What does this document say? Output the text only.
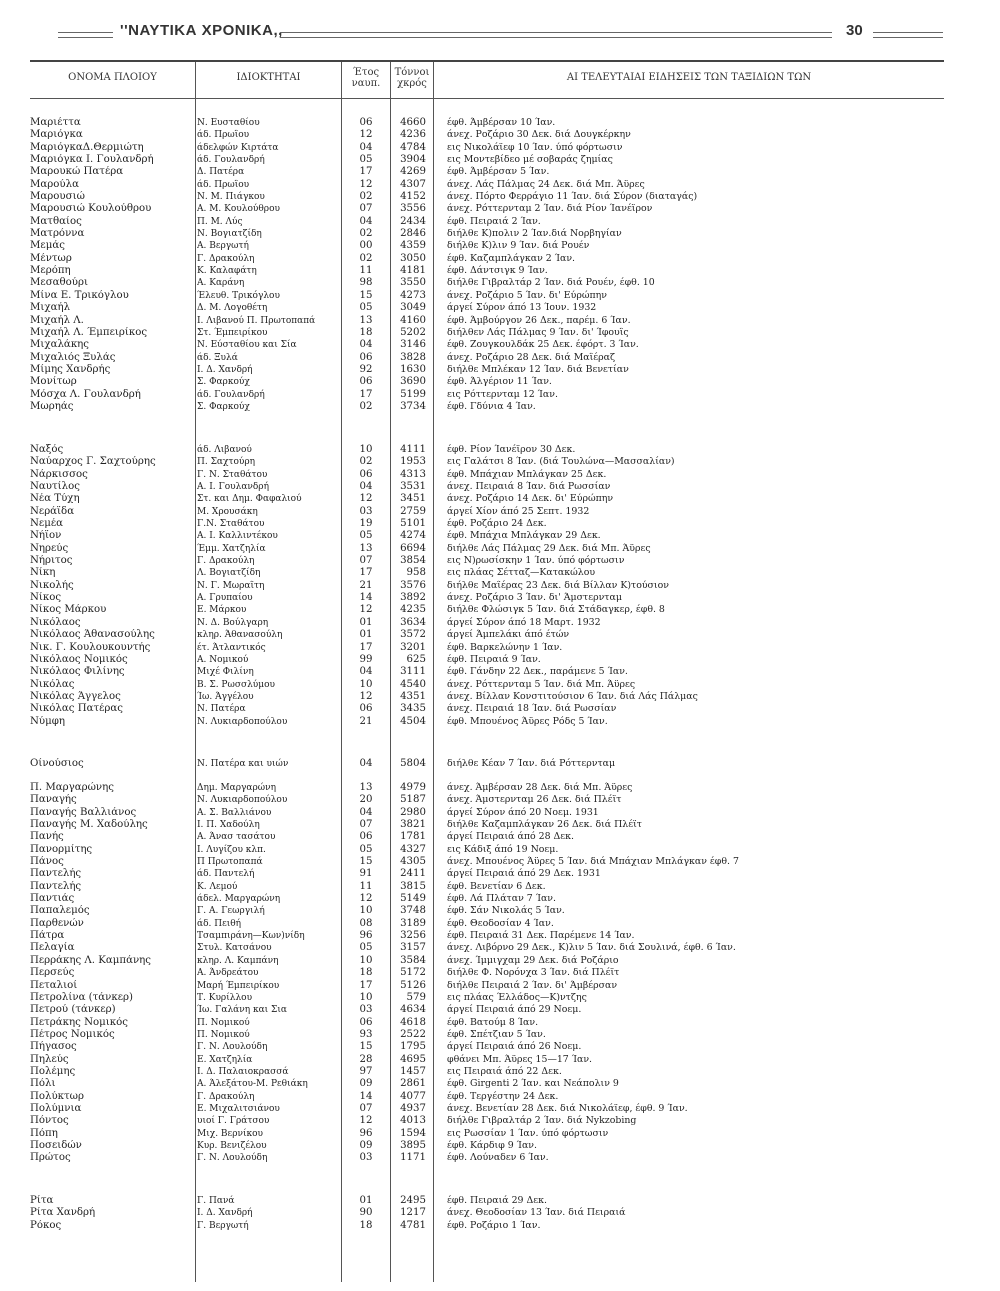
''ΝΑΥΤΙΚΑ ΧΡΟΝΙΚΑ,,	30
ΟΝΟΜΑ ΠΛΟΙΟΥ	ΙΔΙΟΚΤΗΤΑΙ	Έτος
ναυπ.
Τόννοι
χκρός
ΑΙ ΤΕΛΕΥΤΑΙΑΙ ΕΙΔΗΣΕΙΣ ΤΩΝ ΤΑΞΙΔΙΩΝ ΤΩΝ
Μαριέττα	Ν. Ευσταθίου	06	4660 έφθ. Άμβέρσαν 10 Ίαν.
Μαριόγκα	άδ. Πρωΐου	12	4236 άνεχ. Ροζάριο 30 Δεκ. διά Δουγκέρκην
ΜαριόγκαΔ.Θερμιώτη	άδελφών Κιρτάτα	04	4784 εις Νικολάϊεφ 10 Ίαν. ύπό φόρτωσιν
Μαριόγκα Ι. Γουλανδρή	άδ. Γουλανδρή	05	3904 εις Μοντεβίδεο μέ σοβαράς ζημίας
Μαρουκώ Πατέρα	Δ. Πατέρα	17	4269 έφθ. Άμβέρσαν 5 Ίαν.
Μαρούλα	άδ. Πρωΐου	12	4307 άνεχ. Λάς Πάλμας 24 Δεκ. διά Μπ. Άϋρες
Μαρουσιώ	Ν. Μ. Πιάγκου	02	4152 άνεχ. Πόρτο Φερράγιο 11 Ίαν. διά Σύρον (διαταγάς)
Μαρουσιώ Κουλούθρου	Α. Μ. Κουλούθρου	07	3556 άνεχ. Ρόττερνταμ 2 Ίαν. διά Ρίον Ίανέϊρον
Ματθαίος	Π. Μ. Λύς	04	2434 έφθ. Πειραιά 2 Ίαν.
Ματρόννα	Ν. Βογιατζίδη	02	2846 διήλθε Κ)πολιν 2 Ίαν.διά Νορβηγίαν
Μεμάς	Α. Βεργωτή	00	4359 διήλθε Κ)λιν 9 Ίαν. διά Ρουέν
Μέντωρ	Γ. Δρακούλη	02	3050 έφθ. Καζαμπλάγκαν 2 Ίαν.
Μερόπη	Κ. Καλαφάτη	11	4181 έφθ. Δάντσιγκ 9 Ίαν.
Μεσαθούρι	Α. Καράνη	98	3550 διήλθε Γιβραλτάρ 2 Ίαν. διά Ρουέν, έφθ. 10
Μίνα Ε. Τρικόγλου	Έλευθ. Τρικόγλου	15	4273 άνεχ. Ροζάριο 5 Ίαν. δι' Εύρώπην
Μιχαήλ	Δ. Μ. Λογοθέτη	05	3049 άργεί Σύρον άπό 13 Ίουν. 1932
Μιχαήλ Λ.	Ι. Λιβανού Π. Πρωτοπαπά	13	4160 έφθ. Άμβούργον 26 Δεκ., παρέμ. 6 Ίαν.
Μιχαήλ Λ. Έμπειρίκος	Στ. Έμπειρίκου	18	5202 διήλθεν Λάς Πάλμας 9 Ίαν. δι' Ίφουΐς
Μιχαλάκης	Ν. Εύσταθίου και Σία	04	3146 έφθ. Ζουγκουλδάκ 25 Δεκ. έφόρτ. 3 Ίαν.
Μιχαλιός Ξυλάς	άδ. Ξυλά	06	3828 άνεχ. Ροζάριο 28 Δεκ. διά Μαΐέραζ
Μίμης Χανδρής	Ι. Δ. Χανδρή	92	1630 διήλθε Μπλέκαν 12 Ίαν. διά Βενετίαν
Μονίτωρ	Σ. Φαρκούχ	06	3690 έφθ. Άλγέριον 11 Ίαν.
Μόσχα Λ. Γουλανδρή	άδ. Γουλανδρή	17	5199 εις Ρόττερνταμ 12 Ίαν.
Μωρηάς	Σ. Φαρκούχ	02	3734 έφθ. Γδύνια 4 Ίαν.
Ναξός	άδ. Λιβανού	10	4111 έφθ. Ρίον Ίανέϊρον 30 Δεκ.
Ναύαρχος Γ. Σαχτούρης	Π. Σαχτούρη	02	1953 εις Γαλάτσι 8 Ίαν. (διά Τουλώνα—Μασσαλίαν)
Νάρκισσος	Γ. Ν. Σταθάτου	06	4313 έφθ. Μπάχιαν Μπλάγκαν 25 Δεκ.
Ναυτίλος	Α. Ι. Γουλανδρή	04	3531 άνεχ. Πειραιά 8 Ίαν. διά Ρωσσίαν
Νέα Τύχη	Στ. και Δημ. Φαφαλιού	12	3451 άνεχ. Ροζάριο 14 Δεκ. δι' Εύρώπην
Νεράϊδα	Μ. Χρουσάκη	03	2759 άργεί Χίον άπό 25 Σεπτ. 1932
Νεμέα	Γ.Ν. Σταθάτου	19	5101 έφθ. Ροζάριο 24 Δεκ.
Νήϊον	Α. Ι. Καλλιντέκου	05	4274 έφθ. Μπάχια Μπλάγκαν 29 Δεκ.
Νηρεύς	Έμμ. Χατζηλία	13	6694 διήλθε Λάς Πάλμας 29 Δεκ. διά Μπ. Άϋρες
Νήριτος	Γ. Δρακούλη	07	3854 εις Ν)ρωσίσκην 1 Ίαν. ύπό φόρτωσιν
Νίκη	Λ. Βογιατζίδη	17	958 εις πλάας Σέτταζ—Κατακώλου
Νικολής	Ν. Γ. Μωραΐτη	21	3576 διήλθε Μαΐέρας 23 Δεκ. διά Βίλλαν Κ)τούσιον
Νίκος	Α. Γρυπαίου	14	3892 άνεχ. Ροζάριο 3 Ίαν. δι' Άμστερνταμ
Νίκος Μάρκου	Ε. Μάρκου	12	4235 διήλθε Φλώσιγκ 5 Ίαν. διά Στάδαγκερ, έφθ. 8
Νικόλαος	Ν. Δ. Βούλγαρη	01	3634 άργεί Σύρον άπό 18 Μαρτ. 1932
Νικόλαος Άθανασούλης	κληρ. Άθανασούλη	01	3572 άργεί Άμπελάκι άπό έτών
Νικ. Γ. Κουλουκουντής	έτ. Άτλαντικός	17	3201 έφθ. Βαρκελώνην 1 Ίαν.
Νικόλαος Νομικός	Α. Νομικού	99	625 έφθ. Πειραιά 9 Ίαν.
Νικόλαος Φιλίνης	Μιχέ Φιλίνη	04	3111 έφθ. Γάνδην 22 Δεκ., παράμενε 5 Ίαν.
Νικόλας	Β. Σ. Ρωσσλύμου	10	4540 άνεχ. Ρόττερνταμ 5 Ίαν. διά Μπ. Άϋρες
Νικόλας Άγγελος	Ίω. Άγγέλου	12	4351 άνεχ. Βίλλαν Κονστιτούσιον 6 Ίαν. διά Λάς Πάλμας
Νικόλας Πατέρας	Ν. Πατέρα	06	3435 άνεχ. Πειραιά 18 Ίαν. διά Ρωσσίαν
Νύμφη	Ν. Λυκιαρδοπούλου	21	4504 έφθ. Μπουένος Άϋρες Ρόδς 5 Ίαν.
Οίνούσιος	Ν. Πατέρα και υιών	04	5804 διήλθε Κέαν 7 Ίαν. διά Ρόττερνταμ
Π. Μαργαρώνης	Δημ. Μαργαρώνη	13	4979 άνεχ. Άμβέρσαν 28 Δεκ. διά Μπ. Άϋρες
Παναγής	Ν. Λυκιαρδοπούλου	20	5187 άνεχ. Άμστερνταμ 26 Δεκ. διά Πλέϊτ
Παναγής Βαλλιάνος	Α. Σ. Βαλλιάνου	04	2980 άργεί Σύρον άπό 20 Νοεμ. 1931
Παναγής Μ. Χαδούλης	Ι. Π. Χαδούλη	07	3821 διήλθε Καζαμπλάγκαν 26 Δεκ. διά Πλέϊτ
Πανής	Α. Άνασ τασάτου	06	1781 άργεί Πειραιά άπό 28 Δεκ.
Πανορμίτης	Ι. Λυγίζου κλπ.	05	4327 εις Κάδιξ άπό 19 Νοεμ.
Πάνος	Π Πρωτοπαπά	15	4305 άνεχ. Μπουένος Άϋρες 5 Ίαν. διά Μπάχιαν Μπλάγκαν έφθ. 7
Παντελής	άδ. Παντελή	91	2411 άργεί Πειραιά άπό 29 Δεκ. 1931
Παντελής	Κ. Λεμού	11	3815 έφθ. Βενετίαν 6 Δεκ.
Παντιάς	άδελ. Μαργαρώνη	12	5149 έφθ. Λά Πλάταν 7 Ίαν.
Παπαλεμός	Γ. Α. Γεωργιλή	10	3748 έφθ. Σάν Νικολάς 5 Ίαν.
Παρθενών	άδ. Πειθή	08	3189 έφθ. Θεοδοσίαν 4 Ίαν.
Πάτρα	Τσαμπιράνη—Κων)νίδη	96	3256 έφθ. Πειραιά 31 Δεκ. Παρέμενε 14 Ίαν.
Πελαγία	Στυλ. Κατσάνου	05	3157 άνεχ. Λιβόρνο 29 Δεκ., Κ)λιν 5 Ίαν. διά Σουλινά, έφθ. 6 Ίαν.
Περράκης Λ. Καμπάνης	κληρ. Λ. Καμπάνη	10	3584 άνεχ. Ίμμιγχαμ 29 Δεκ. διά Ροζάριο
Περσεύς	Α. Άνδρεάτου	18	5172 διήλθε Φ. Νορόνχα 3 Ίαν. διά Πλέϊτ
Πεταλιοί	Μαρή Έμπειρίκου	17	5126 διήλθε Πειραιά 2 Ίαν. δι' Άμβέρσαν
Πετρολίνα (τάνκερ)	Τ. Κυρίλλου	10	579 εις πλάας Έλλάδος—Κ)ντζης
Πετρού (τάνκερ)	Ίω. Γαλάνη και Σια	03	4634 άργεί Πειραιά άπό 29 Νοεμ.
Πετράκης Νομικός	Π. Νομικού	06	4618 έφθ. Βατούμ 8 Ίαν.
Πέτρος Νομικός	Π. Νομικού	93	2522 έφθ. Σπέτζιαν 5 Ίαν.
Πήγασος	Γ. Ν. Λουλούδη	15	1795 άργεί Πειραιά άπό 26 Νοεμ.
Πηλεύς	Ε. Χατζηλία	28	4695 φθάνει Μπ. Άϋρες 15—17 Ίαν.
Πολέμης	Ι. Δ. Παλαιοκρασσά	97	1457 εις Πειραιά άπό 22 Δεκ.
Πόλι	Α. Άλεξάτου-Μ. Ρεθιάκη	09	2861 έφθ. Girgenti 2 Ίαν. και Νεάπολιν 9
Πολύκτωρ	Γ. Δρακούλη	14	4077 έφθ. Τεργέστην 24 Δεκ.
Πολύμνια	Ε. Μιχαλιτσιάνου	07	4937 άνεχ. Βενετίαν 28 Δεκ. διά Νικολάϊεφ, έφθ. 9 Ίαν.
Πόντος	υιοί Γ. Γράτσου	12	4013 διήλθε Γιβραλτάρ 2 Ίαν. διά Nykzobing
Πόπη	Μιχ. Βερνίκου	96	1594 εις Ρωσσίαν 1 Ίαν. ύπό φόρτωσιν
Ποσειδών	Κυρ. Βενιζέλου	09	3895 έφθ. Κάρδιφ 9 Ίαν.
Πρώτος	Γ. Ν. Λουλούδη	03	1171 έφθ. Λούναδεν 6 Ίαν.
Ρίτα	Γ. Πανά	01	2495 έφθ. Πειραιά 29 Δεκ.
Ρίτα Χανδρή	Ι. Δ. Χανδρή	90	1217 άνεχ. Θεοδοσίαν 13 Ίαν. διά Πειραιά
Ρόκος	Γ. Βεργωτή	18	4781 έφθ. Ροζάριο 1 Ίαν.
